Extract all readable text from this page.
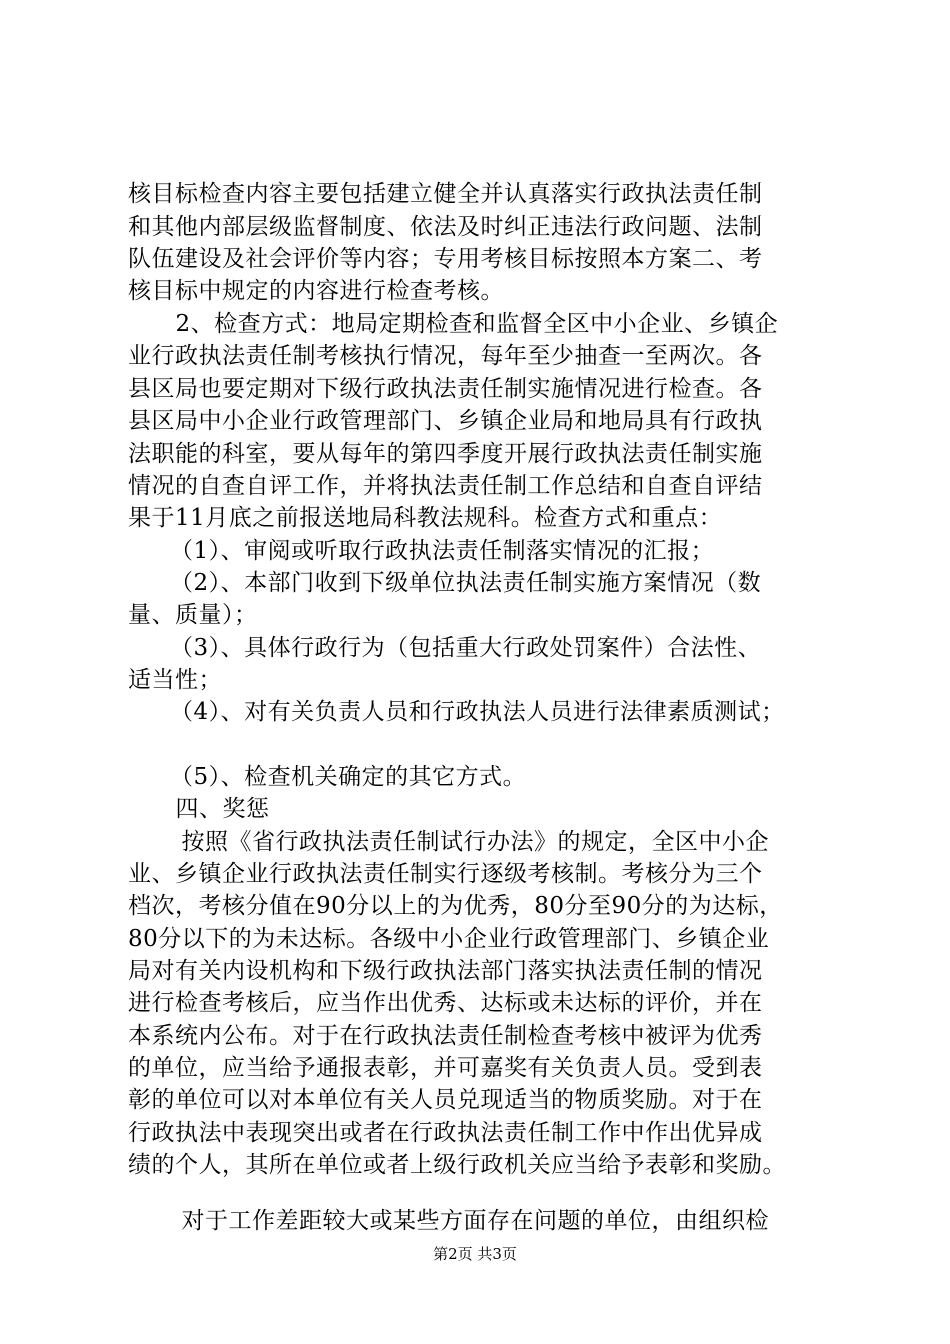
核目标检查内容主要包括建立健全并认真落实行政执法责任制
和其他内部层级监督制度、依法及时纠正违法行政问题、法制
队伍建设及社会评价等内容；专用考核目标按照本方案二、考
核目标中规定的内容进行检查考核。
　2、检查方式：地局定期检查和监督全区中小企业、乡镇企
业行政执法责任制考核执行情况，每年至少抽查一至两次。各
县区局也要定期对下级行政执法责任制实施情况进行检查。各
县区局中小企业行政管理部门、乡镇企业局和地局具有行政执
法职能的科室，要从每年的第四季度开展行政执法责任制实施
情况的自查自评工作，并将执法责任制工作总结和自查自评结
果于11月底之前报送地局科教法规科。检查方式和重点：
　（1）、审阅或听取行政执法责任制落实情况的汇报；
　（2）、本部门收到下级单位执法责任制实施方案情况（数
量、质量）；
　（3）、具体行政行为（包括重大行政处罚案件）合法性、
适当性；
　（4）、对有关负责人员和行政执法人员进行法律素质测试；
　（5）、检查机关确定的其它方式。
　四、奖惩
　按照《省行政执法责任制试行办法》的规定，全区中小企
业、乡镇企业行政执法责任制实行逐级考核制。考核分为三个
档次，考核分值在90分以上的为优秀，80分至90分的为达标，
80分以下的为未达标。各级中小企业行政管理部门、乡镇企业
局对有关内设机构和下级行政执法部门落实执法责任制的情况
进行检查考核后，应当作出优秀、达标或未达标的评价，并在
本系统内公布。对于在行政执法责任制检查考核中被评为优秀
的单位，应当给予通报表彰，并可嘉奖有关负责人员。受到表
彰的单位可以对本单位有关人员兑现适当的物质奖励。对于在
行政执法中表现突出或者在行政执法责任制工作中作出优异成
绩的个人，其所在单位或者上级行政机关应当给予表彰和奖励。
　对于工作差距较大或某些方面存在问题的单位，由组织检
第2页 共3页
